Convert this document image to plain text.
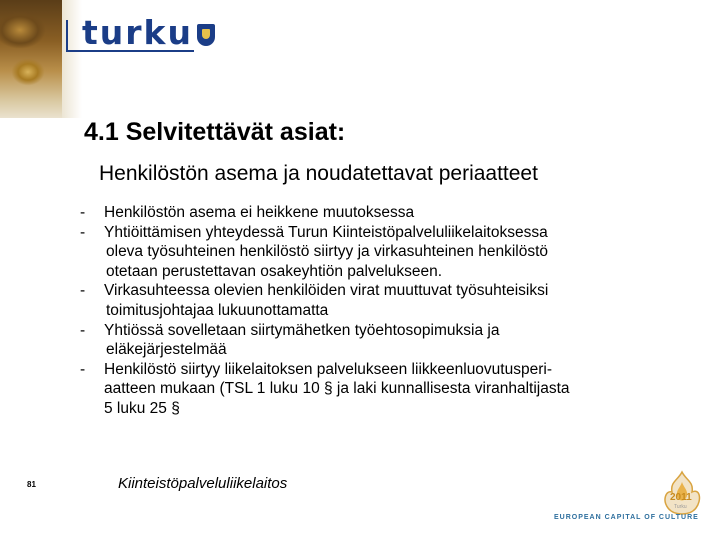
turku
4.1 Selvitettävät asiat:
Henkilöstön asema ja noudatettavat periaatteet
- Henkilöstön asema ei heikkene muutoksessa
- Yhtiöittämisen yhteydessä Turun Kiinteistöpalveluliikelaitoksessa
oleva työsuhteinen henkilöstö siirtyy ja virkasuhteinen henkilöstö
otetaan perustettavan osakeyhtiön palvelukseen.
- Virkasuhteessa olevien henkilöiden virat muuttuvat työsuhteisiksi
toimitusjohtajaa lukuunottamatta
- Yhtiössä sovelletaan siirtymähetken työehtosopimuksia ja
eläkejärjestelmää
- Henkilöstö siirtyy liikelaitoksen palvelukseen liikkeenluovutusperi-
aatteen mukaan (TSL 1 luku 10 § ja laki kunnallisesta viranhaltijasta
5 luku 25 §
81	Kiinteistöpalveluliikelaitos
2011
Turku
EUROPEAN CAPITAL OF CULTURE
